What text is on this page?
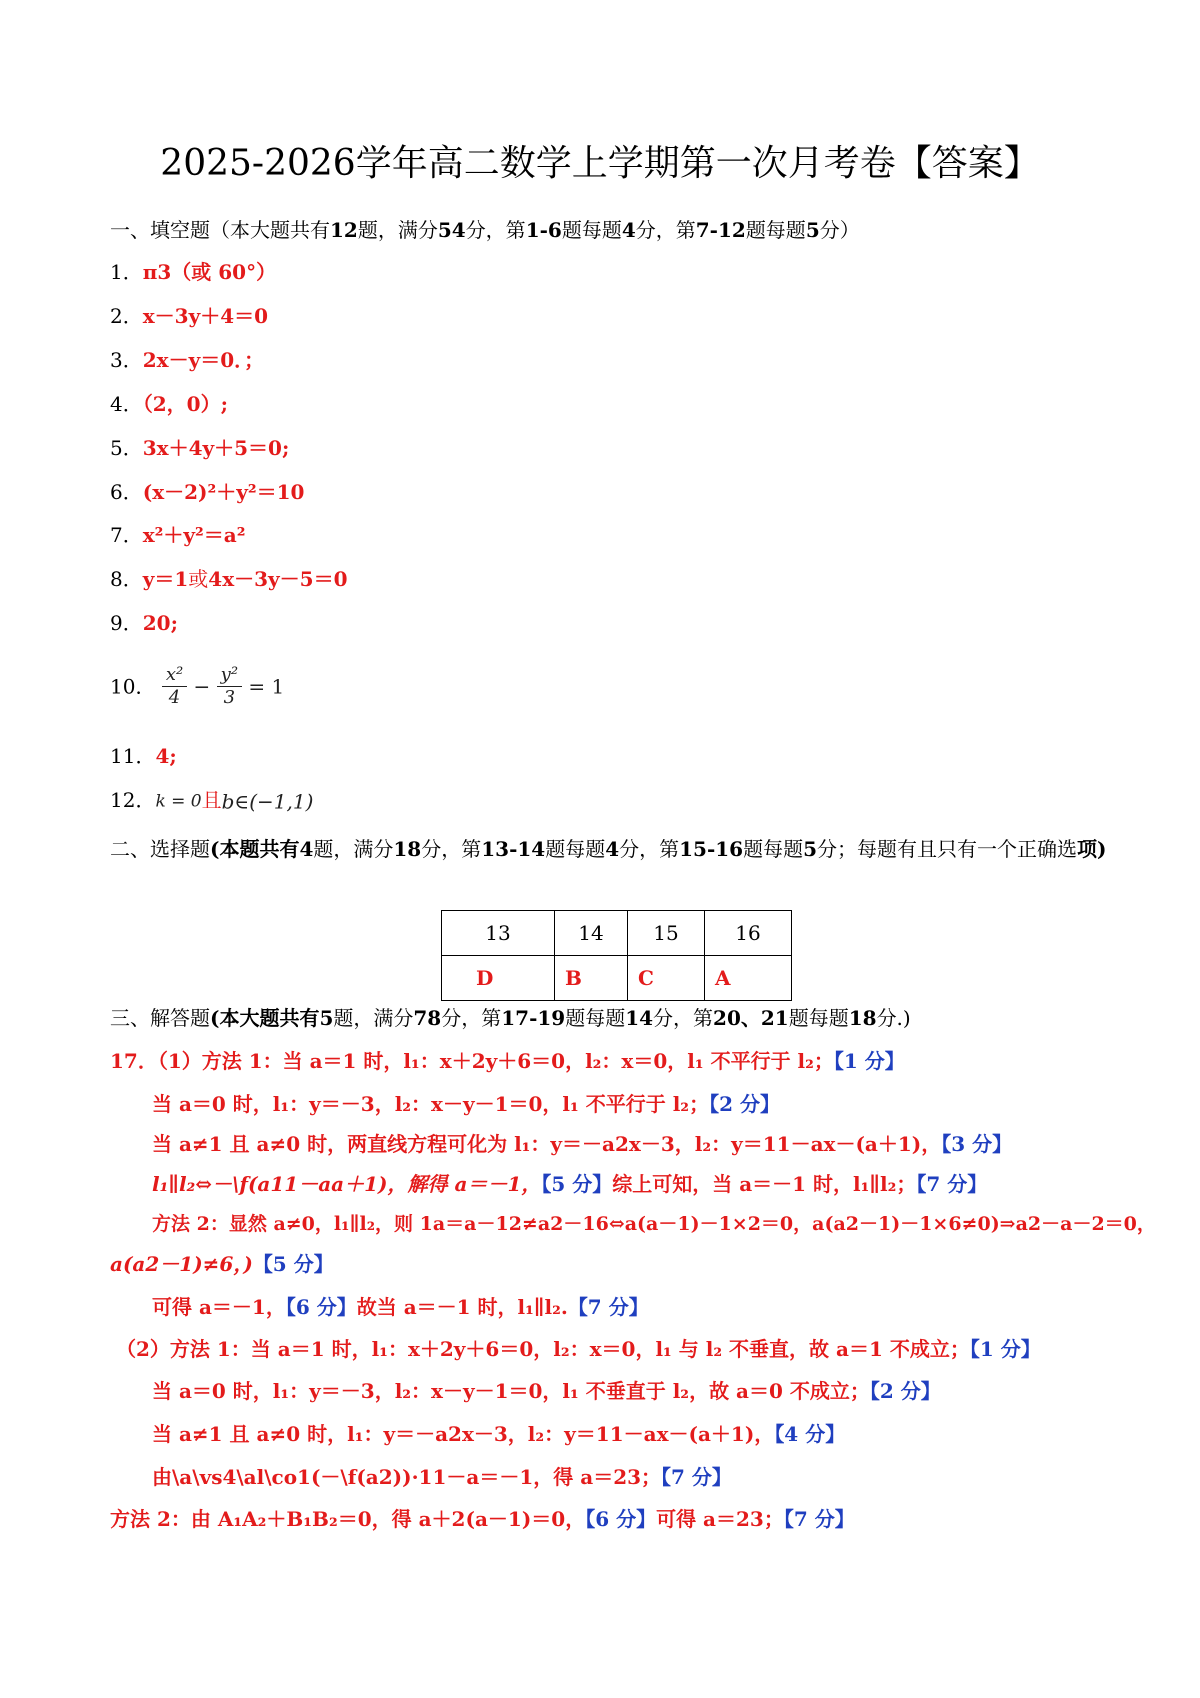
2025-2026学年高二数学上学期第一次月考卷【答案】
一、填空题（本大题共有12题，满分54分，第1-6题每题4分，第7-12题每题5分）
1．π3（或 60°）
2．x－3y＋4＝0
3．2x－y＝0．；
4．（2，0）;
5．3x＋4y＋5＝0;
6．(x－2)²＋y²＝10
7．x²＋y²＝a²
8．y＝1或4x－3y－5＝0
9．20;
10． $\frac{\text{x²}}{4} - \frac{\text{y²}}{3} = 1$
11．4;
12．k = 0且b∈(−1,1)
二、选择题(本题共有4题，满分18分，第13-14题每题4分，第15-16题每题5分；每题有且只有一个正确选项)
13	14	15	16
D	B	C	A
三、解答题(本大题共有5题，满分78分，第17-19题每题14分，第20、21题每题18分.)
17．（1）方法 1：当 a＝1 时，l₁：x＋2y＋6＝0，l₂：x＝0，l₁ 不平行于 l₂；【1 分】
当 a＝0 时，l₁：y＝－3，l₂：x－y－1＝0，l₁ 不平行于 l₂；【2 分】
当 a≠1 且 a≠0 时，两直线方程可化为 l₁：y＝－a2x－3，l₂：y＝11－ax－(a＋1)，【3 分】
l₁∥l₂⇔－\f(a11－aa＋1)，解得 a＝－1，【5 分】综上可知，当 a＝－1 时，l₁∥l₂；【7 分】
方法 2：显然 a≠0，l₁∥l₂，则 1a＝a－12≠a2－16⇔a(a－1)－1×2＝0，a(a2－1)－1×6≠0)⇒a2－a－2＝0，
a(a2－1)≠6，)【5 分】
可得 a＝－1，【6 分】故当 a＝－1 时，l₁∥l₂.【7 分】
（2）方法 1：当 a＝1 时，l₁：x＋2y＋6＝0，l₂：x＝0，l₁ 与 l₂ 不垂直，故 a＝1 不成立；【1 分】
当 a＝0 时，l₁：y＝－3，l₂：x－y－1＝0，l₁ 不垂直于 l₂，故 a＝0 不成立；【2 分】
当 a≠1 且 a≠0 时，l₁：y＝－a2x－3，l₂：y＝11－ax－(a＋1)，【4 分】
由\a\vs4\al\co1(－\f(a2))·11－a＝－1，得 a＝23；【7 分】
方法 2：由 A₁A₂＋B₁B₂＝0，得 a＋2(a－1)＝0，【6 分】可得 a＝23；【7 分】
